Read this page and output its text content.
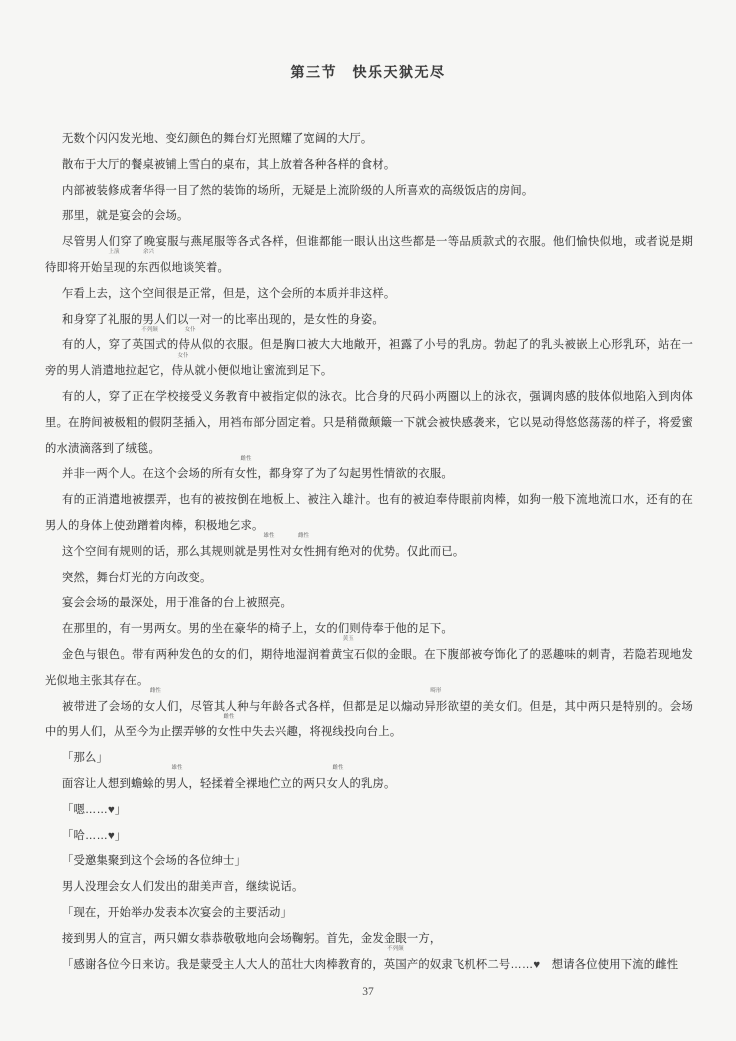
第三节　快乐天狱无尽

无数个闪闪发光地、变幻颜色的舞台灯光照耀了宽阔的大厅。

散布于大厅的餐桌被铺上雪白的桌布，其上放着各种各样的食材。

内部被装修成奢华得一目了然的装饰的场所，无疑是上流阶级的人所喜欢的高级饭店的房间。

那里，就是宴会的会场。

尽管男人们穿了晚宴服与燕尾服等各式各样，但谁都能一眼认出这些都是一等品质款式的衣服。他们愉快似地，或者说是期待即将开始呈现
上演
的东西
余兴
似地谈笑着。

乍看上去，这个空间很是正常，但是，这个会所的本质并非这样。

和身穿了礼服的男人们以一对一的比率出现的，是女性的身姿。

有的人，穿了英国式
不列颠
的侍从
女仆
似的衣服。但是胸口被大大地敞开，袒露了小号的乳房。勃起了的乳头被嵌上心形乳环，站在一旁的男人消遣地拉起它，侍从
女仆
就小便似地让蜜流到足下。

有的人，穿了正在学校接受义务教育中被指定似的泳衣。比合身的尺码小两圈以上的泳衣，强调肉感的肢体似地陷入到肉体里。在胯间被极粗的假阴茎插入，用裆布部分固定着。只是稍微颠簸一下就会被快感袭来，它以晃动得悠悠荡荡的样子，将爱蜜的水渍滴落到了绒毯。

并非一两个人。在这个会场的所有女性
雌性
，都身穿了为了勾起男性情欲的衣服。

有的正消遣地被摆弄，也有的被按倒在地板上、被注入雄汁。也有的被迫奉侍眼前肉棒，如狗一般下流地流口水，还有的在男人的身体上使劲蹭着肉棒，积极地乞求。

这个空间有规则的话，那么其规则就是男性
雄性
对女性
雌性
拥有绝对的优势。仅此而已。

突然，舞台灯光的方向改变。

宴会会场的最深处，用于准备的台上被照亮。

在那里的，有一男两女。男的坐在豪华的椅子上，女的们则侍奉于他的足下。

金色与银色。带有两种发色的女的们，期待地湿润着黄宝石
黄玉
似的金眼。在下腹部被夸饰化了的恶趣味的刺青，若隐若现地发光似地主张其存在。

被带进了会场的女人
雌性
们，尽管其人种与年龄各式各样，但都是足以煽动异形
畸形
欲望的美女们。但是，其中两只是特别的。会场中的男人们，从至今为止摆弄够的女性
雌性
中失去兴趣，将视线投向台上。

「那么」

面容让人想到蟾蜍的男人
雄性
，轻揉着全裸地伫立的两只女人
雌性
的乳房。

「嗯……♥」

「哈……♥」

「受邀集聚到这个会场的各位绅士」

男人没理会女人们发出的甜美声音，继续说话。

「现在，开始举办发表本次宴会的主要活动」

接到男人的宣言，两只媚女恭恭敬敬地向会场鞠躬。首先，金发金眼一方，

「感谢各位今日来访。我是蒙受主人大人的茁壮大肉棒教育的，英国
不列颠
产的奴隶飞机杯二号……♥　想请各位使用下流的雌性

37
